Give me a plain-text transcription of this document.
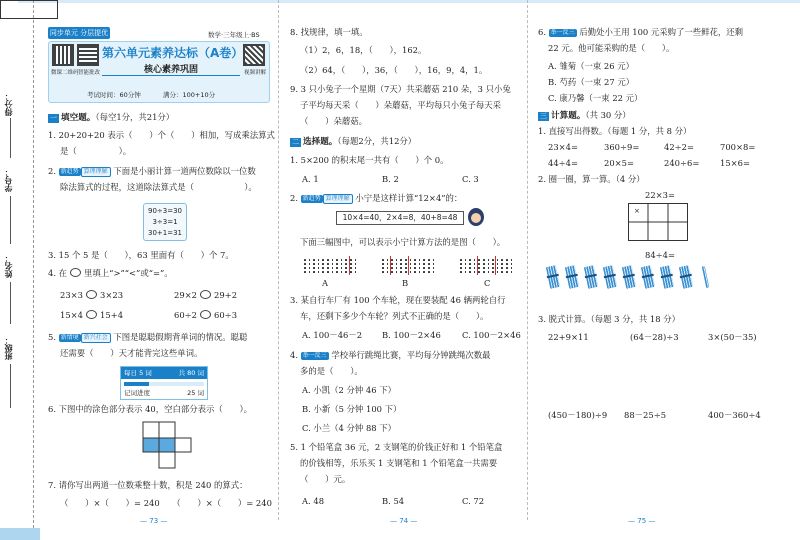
得分：
学号：
姓名：
班级：
同步单元 分层提优	数学·三年级上·BS
微课二维码 智能批改	视频讲解
第六单元素养达标（A卷）
核心素养巩固
考试时间：60分钟	满分：100+10分
一 填空题。（每空1分，共21分）
1. 20+20+20 表示（　　）个（　　）相加，写成乘法算式
是（　　　　　）。
2. 新趋势 算理理解 下面是小丽计算一道两位数除以一位数
除法算式的过程，这道除法算式是（　　　　　　）。
90÷3=30
3÷3=1
30+1=31
3. 15 个 5 是（　　），63 里面有（　　）个 7。
4. 在 里填上“>”“<”或“=”。
23×3 3×23	29×2 29+2
15×4 15+4	60÷2 60÷3
5. 新情境 新兴社会 下图是聪聪假期背单词的情况。聪聪
还需要（　　）天才能背完这些单词。
每日 5 词	共 80 词
记词进度	25 词
6. 下图中的涂色部分表示 40，空白部分表示（　　）。
7. 请你写出两道一位数乘整十数，积是 240 的算式：
（　　）×（　　）= 240　　（　　）×（　　）= 240
— 73 —
8. 找规律，填一填。
（1）2，6，18，（　　），162。
（2）64，（　　），36，（　　），16，9，4，1。
9. 3 只小兔子一个星期（7天）共采蘑菇 210 朵，3 只小兔
子平均每天采（　　）朵蘑菇，平均每只小兔子每天采
（　　）朵蘑菇。
二 选择题。（每题2分，共12分）
1. 5×200 的积末尾一共有（　　）个 0。
A. 1	B. 2	C. 3
2. 新趋势 算理理解 小宁是这样计算“12×4”的：
10×4=40，2×4=8，40+8=48
下面三幅图中，可以表示小宁计算方法的是图（　　）。
A	B	C
3. 某自行车厂有 100 个车轮，现在要装配 46 辆两轮自行
车，还剩下多少个车轮？列式不正确的是（　　）。
A. 100－46－2 B. 100－2×46	C. 100－2×46
4. 举一反三 学校举行跳绳比赛，平均每分钟跳绳次数最
多的是（　　）。
A. 小凯（2 分钟 46 下）
B. 小新（5 分钟 100 下）
C. 小兰（4 分钟 88 下）
5. 1 个铅笔盒 36 元，2 支钢笔的价钱正好和 1 个铅笔盒
的价钱相等，乐乐买 1 支钢笔和 1 个铅笔盒一共需要
（　　）元。
A. 48	B. 54	C. 72
— 74 —
6. 举一反三 后勤处小王用 100 元采购了一些鲜花，还剩
22 元。他可能采购的是（　　）。
A. 雏菊（一束 26 元）
B. 芍药（一束 27 元）
C. 康乃馨（一束 22 元）
三 计算题。（共 30 分）
1. 直接写出得数。（每题 1 分，共 8 分）
23×4=	360÷9=	42÷2=	700×8=
44÷4=	20×5=	240÷6= 15×6=
2. 圈一圈，算一算。（4 分）
22×3=
×
84÷4=
3. 脱式计算。（每题 3 分，共 18 分）
22+9×11	(64－28)÷3	3×(50－35)
(450－180)÷9 88－25÷5	400－360÷4
— 75 —
